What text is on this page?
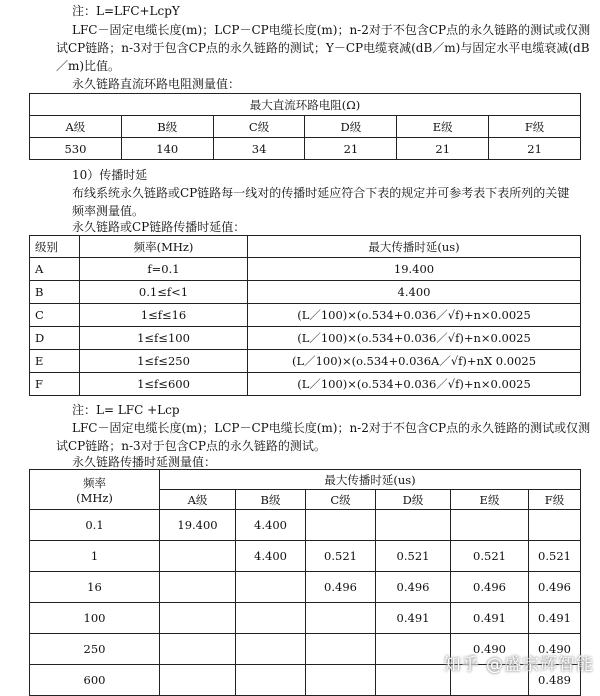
注：L=LFC+LcpY
LFC－固定电缆长度(m)；LCP－CP电缆长度(m)；n-2对于不包含CP点的永久链路的测试或仅测
试CP链路；n-3对于包含CP点的永久链路的测试；Y－CP电缆衰减(dB／m)与固定水平电缆衰减(dB
／m)比值。
永久链路直流环路电阻测量值：
最大直流环路电阻(Ω)					
A级	B级	C级	D级	E级	F级
530	140	34	21	21	21
10）传播时延
布线系统永久链路或CP链路每一线对的传播时延应符合下表的规定并可参考表下表所列的关键
频率测量值。
永久链路或CP链路传播时延值：
级别	频率(MHz)	最大传播时延(us)
A	f=0.1	19.400
B	0.1≤f<1	4.400
C	1≤f≤16	(L／100)×(o.534+0.036／√f)+n×0.0025
D	1≤f≤100	(L／100)×(o.534+0.036／√f)+n×0.0025
E	1≤f≤250	(L／100)×(o.534+0.036A／√f)+nX 0.0025
F	1≤f≤600	(L／100)×(o.534+0.036／√f)+n×0.0025
注：L= LFC +Lcp
LFC－固定电缆长度(m)；LCP－CP电缆长度(m)；n-2对于不包含CP点的永久链路的测试或仅测
试CP链路；n-3对于包含CP点的永久链路的测试。
永久链路传播时延测量值：
频率
(MHz)	最大传播时延(us)					
	A级	B级	C级	D级	E级	F级
0.1	19.400	4.400				
1		4.400	0.521	0.521	0.521	0.521
16			0.496	0.496	0.496	0.496
100				0.491	0.491	0.491
250					0.490	0.490
600						0.489
知乎 @盛宗辉智能
